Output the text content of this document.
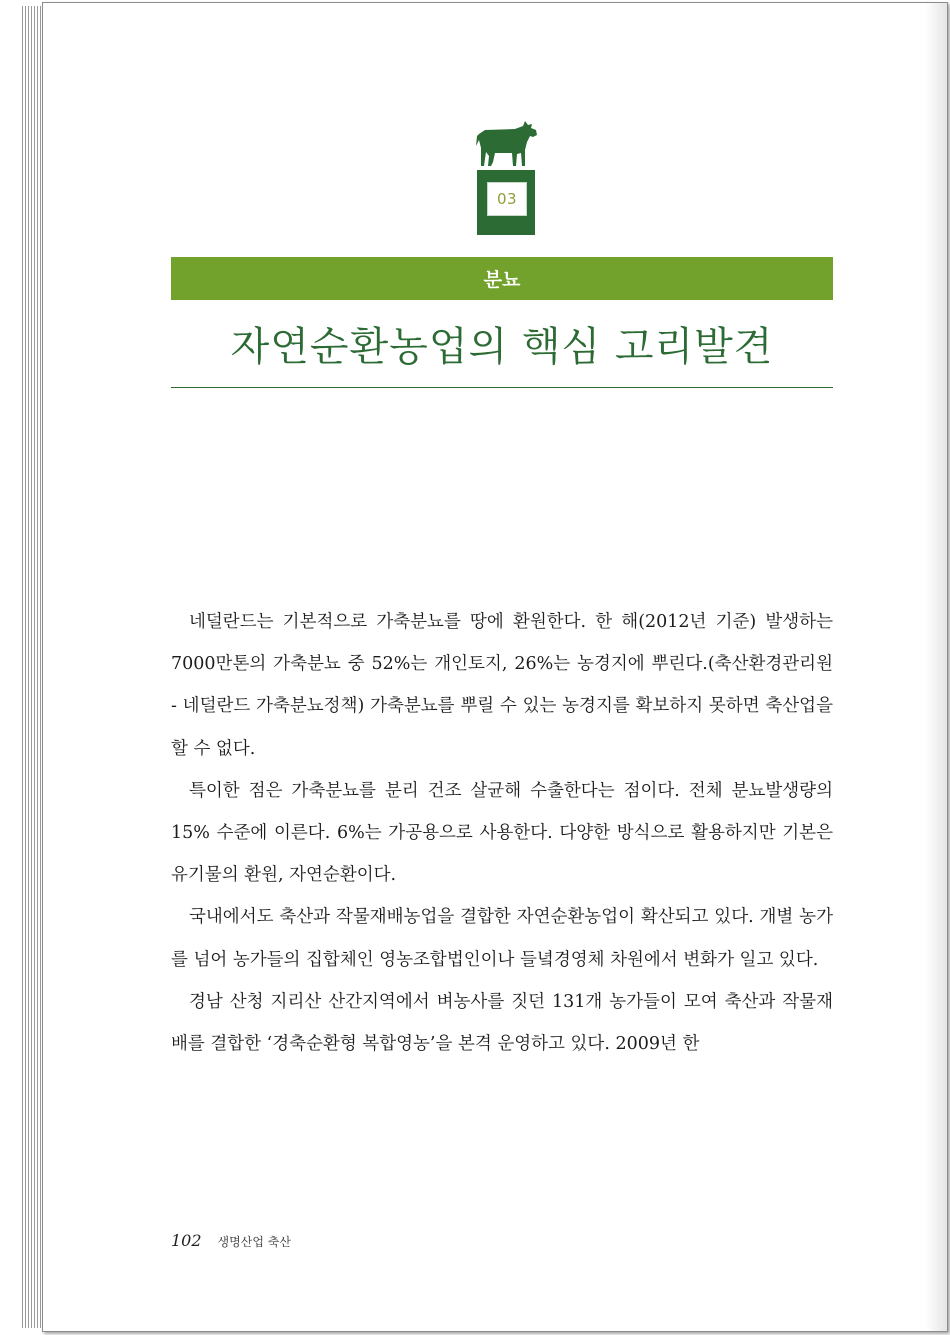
03
분뇨
자연순환농업의 핵심 고리발견

네덜란드는 기본적으로 가축분뇨를 땅에 환원한다. 한 해(2012년 기준) 발생하는 7000만톤의 가축분뇨 중 52%는 개인토지, 26%는 농경지에 뿌린다.(축산환경관리원 - 네덜란드 가축분뇨정책) 가축분뇨를 뿌릴 수 있는 농경지를 확보하지 못하면 축산업을 할 수 없다.

특이한 점은 가축분뇨를 분리 건조 살균해 수출한다는 점이다. 전체 분뇨발생량의 15% 수준에 이른다. 6%는 가공용으로 사용한다. 다양한 방식으로 활용하지만 기본은 유기물의 환원, 자연순환이다.

국내에서도 축산과 작물재배농업을 결합한 자연순환농업이 확산되고 있다. 개별 농가를 넘어 농가들의 집합체인 영농조합법인이나 들녘경영체 차원에서 변화가 일고 있다.

경남 산청 지리산 산간지역에서 벼농사를 짓던 131개 농가들이 모여 축산과 작물재배를 결합한 ‘경축순환형 복합영농’을 본격 운영하고 있다. 2009년 한

102 생명산업 축산
